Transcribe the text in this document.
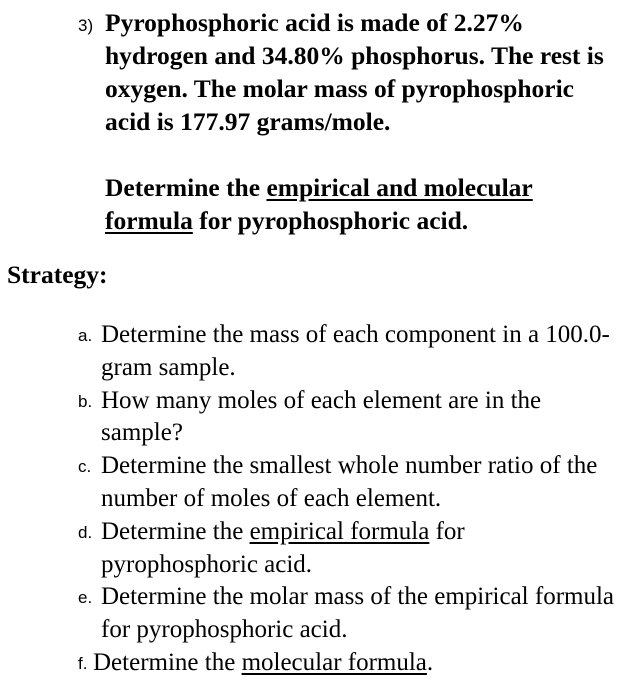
3) Pyrophosphoric acid is made of 2.27% hydrogen and 34.80% phosphorus. The rest is oxygen. The molar mass of pyrophosphoric acid is 177.97 grams/mole.
Determine the empirical and molecular
formula for pyrophosphoric acid.
Strategy:
a. Determine the mass of each component in a 100.0-gram sample.
b. How many moles of each element are in the sample?
c. Determine the smallest whole number ratio of the number of moles of each element.
d. Determine the empirical formula for pyrophosphoric acid.
e. Determine the molar mass of the empirical formula for pyrophosphoric acid.
f. Determine the molecular formula.
